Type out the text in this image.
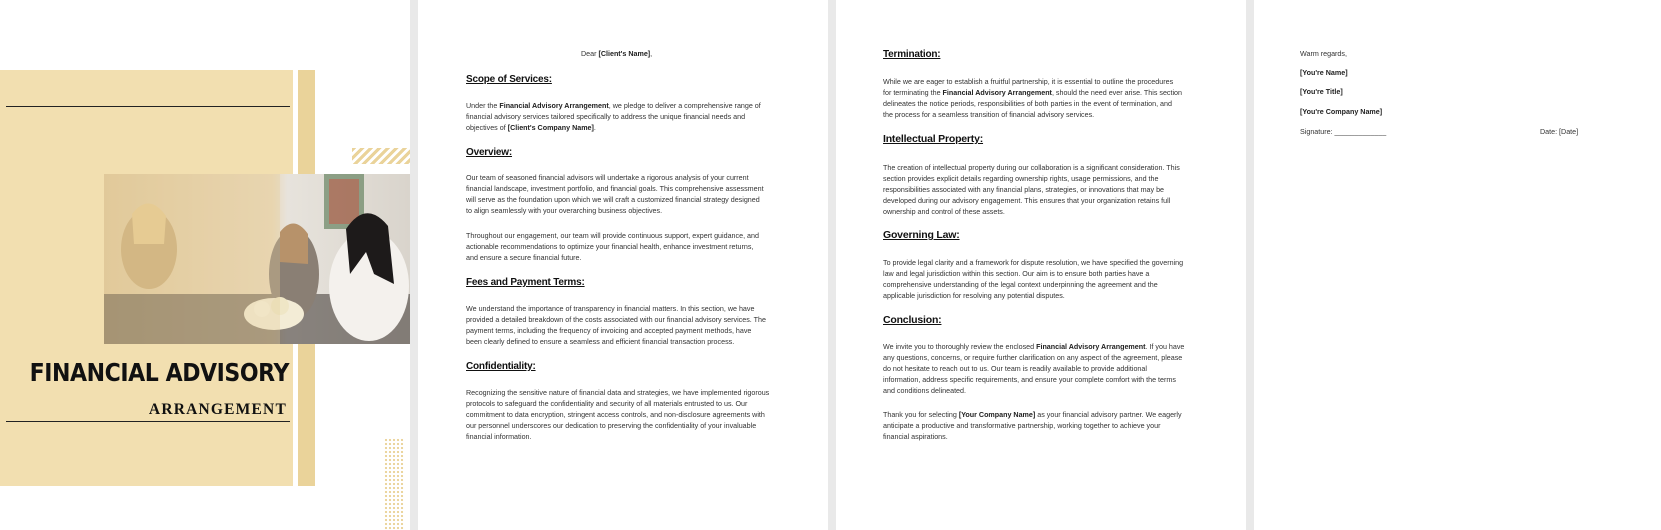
FINANCIAL ADVISORY
ARRANGEMENT
Dear [Client's Name],
Scope of Services:
Under the Financial Advisory Arrangement, we pledge to deliver a comprehensive range of
financial advisory services tailored specifically to address the unique financial needs and
objectives of [Client's Company Name].
Overview:
Our team of seasoned financial advisors will undertake a rigorous analysis of your current
financial landscape, investment portfolio, and financial goals. This comprehensive assessment
will serve as the foundation upon which we will craft a customized financial strategy designed
to align seamlessly with your overarching business objectives.
Throughout our engagement, our team will provide continuous support, expert guidance, and
actionable recommendations to optimize your financial health, enhance investment returns,
and ensure a secure financial future.
Fees and Payment Terms:
We understand the importance of transparency in financial matters. In this section, we have
provided a detailed breakdown of the costs associated with our financial advisory services. The
payment terms, including the frequency of invoicing and accepted payment methods, have
been clearly defined to ensure a seamless and efficient financial transaction process.
Confidentiality:
Recognizing the sensitive nature of financial data and strategies, we have implemented rigorous
protocols to safeguard the confidentiality and security of all materials entrusted to us. Our
commitment to data encryption, stringent access controls, and non-disclosure agreements with
our personnel underscores our dedication to preserving the confidentiality of your invaluable
financial information.
Termination:
While we are eager to establish a fruitful partnership, it is essential to outline the procedures
for terminating the Financial Advisory Arrangement, should the need ever arise. This section
delineates the notice periods, responsibilities of both parties in the event of termination, and
the process for a seamless transition of financial advisory services.
Intellectual Property:
The creation of intellectual property during our collaboration is a significant consideration. This
section provides explicit details regarding ownership rights, usage permissions, and the
responsibilities associated with any financial plans, strategies, or innovations that may be
developed during our advisory engagement. This ensures that your organization retains full
ownership and control of these assets.
Governing Law:
To provide legal clarity and a framework for dispute resolution, we have specified the governing
law and legal jurisdiction within this section. Our aim is to ensure both parties have a
comprehensive understanding of the legal context underpinning the agreement and the
applicable jurisdiction for resolving any potential disputes.
Conclusion:
We invite you to thoroughly review the enclosed Financial Advisory Arrangement. If you have
any questions, concerns, or require further clarification on any aspect of the agreement, please
do not hesitate to reach out to us. Our team is readily available to provide additional
information, address specific requirements, and ensure your complete comfort with the terms
and conditions delineated.
Thank you for selecting [Your Company Name] as your financial advisory partner. We eagerly
anticipate a productive and transformative partnership, working together to achieve your
financial aspirations.
Warm regards,
[You're Name]
[You're Title]
[You're Company Name]
Signature: _____________	Date: [Date]
